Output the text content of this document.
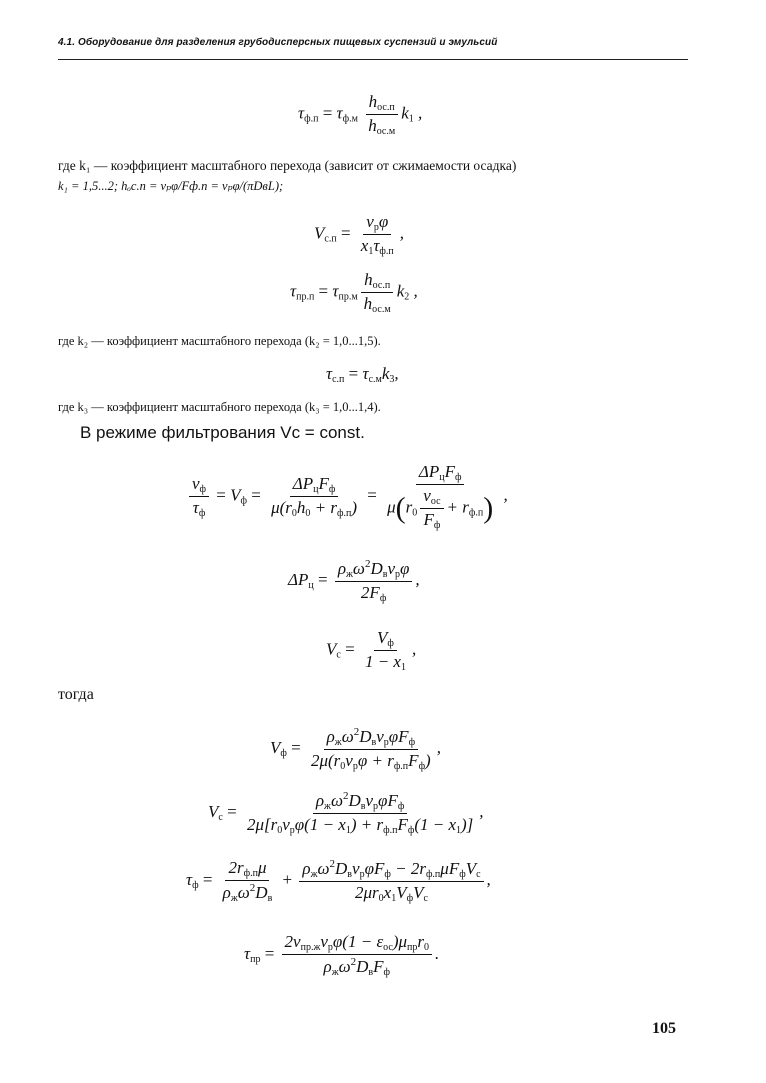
4.1. Оборудование для разделения грубодисперсных пищевых суспензий и эмульсий
$\tau_{ф.п} = \tau_{ф.м} \frac{h_{ос.п}}{h_{ос.м}} k_1$ ,
где k₁ — коэффициент масштабного перехода (зависит от сжимаемости осадка)
k₁ = 1,5...2; hₒс.п = vₚφ/Fф.п = vₚφ/(πDвL);
$V_{с.п} = \frac{v_р\varphi}{x_1\tau_{ф.п}}$ ,
$\tau_{пр.п} = \tau_{пр.м} \frac{h_{ос.п}}{h_{ос.м}} k_2$ ,
где k₂ — коэффициент масштабного перехода (k₂ = 1,0...1,5).
$\tau_{с.п} = \tau_{с.м}k_3$,
где k₃ — коэффициент масштабного перехода (k₃ = 1,0...1,4).
В режиме фильтрования Vс = const.
$\frac{v_ф}{\tau_ф} = V_ф = \frac{\Delta P_цF_ф}{\mu(r_0h_0 + r_{ф.п})} = \frac{\Delta P_цF_ф}{\mu(r_0 \frac{v_{ос}}{F_ф} + r_{ф.п})}$ ,
$\Delta P_ц = \frac{\rho_ж\omega^2D_вv_р\varphi}{2F_ф}$ ,
$V_с = \frac{V_ф}{1 - x_1}$ ,
тогда
$V_ф = \frac{\rho_ж\omega^2D_вv_р\varphi F_ф}{2\mu(r_0v_р\varphi + r_{ф.п}F_ф)}$ ,
$V_с = \frac{\rho_ж\omega^2D_вv_р\varphi F_ф}{2\mu[r_0v_р\varphi(1 - x_1) + r_{ф.п}F_ф(1 - x_1)]}$ ,
$\tau_ф = \frac{2r_{ф.п}\mu}{\rho_ж\omega^2D_в} + \frac{\rho_ж\omega^2D_вv_р\varphi F_ф - 2r_{ф.п}\mu F_фV_с}{2\mu r_0x_1V_фV_с}$ ,
$\tau_{пр} = \frac{2v_{пр.ж}v_р\varphi(1 - \varepsilon_{ос})\mu_{пр}r_0}{\rho_ж\omega^2D_вF_ф}$ .
105
